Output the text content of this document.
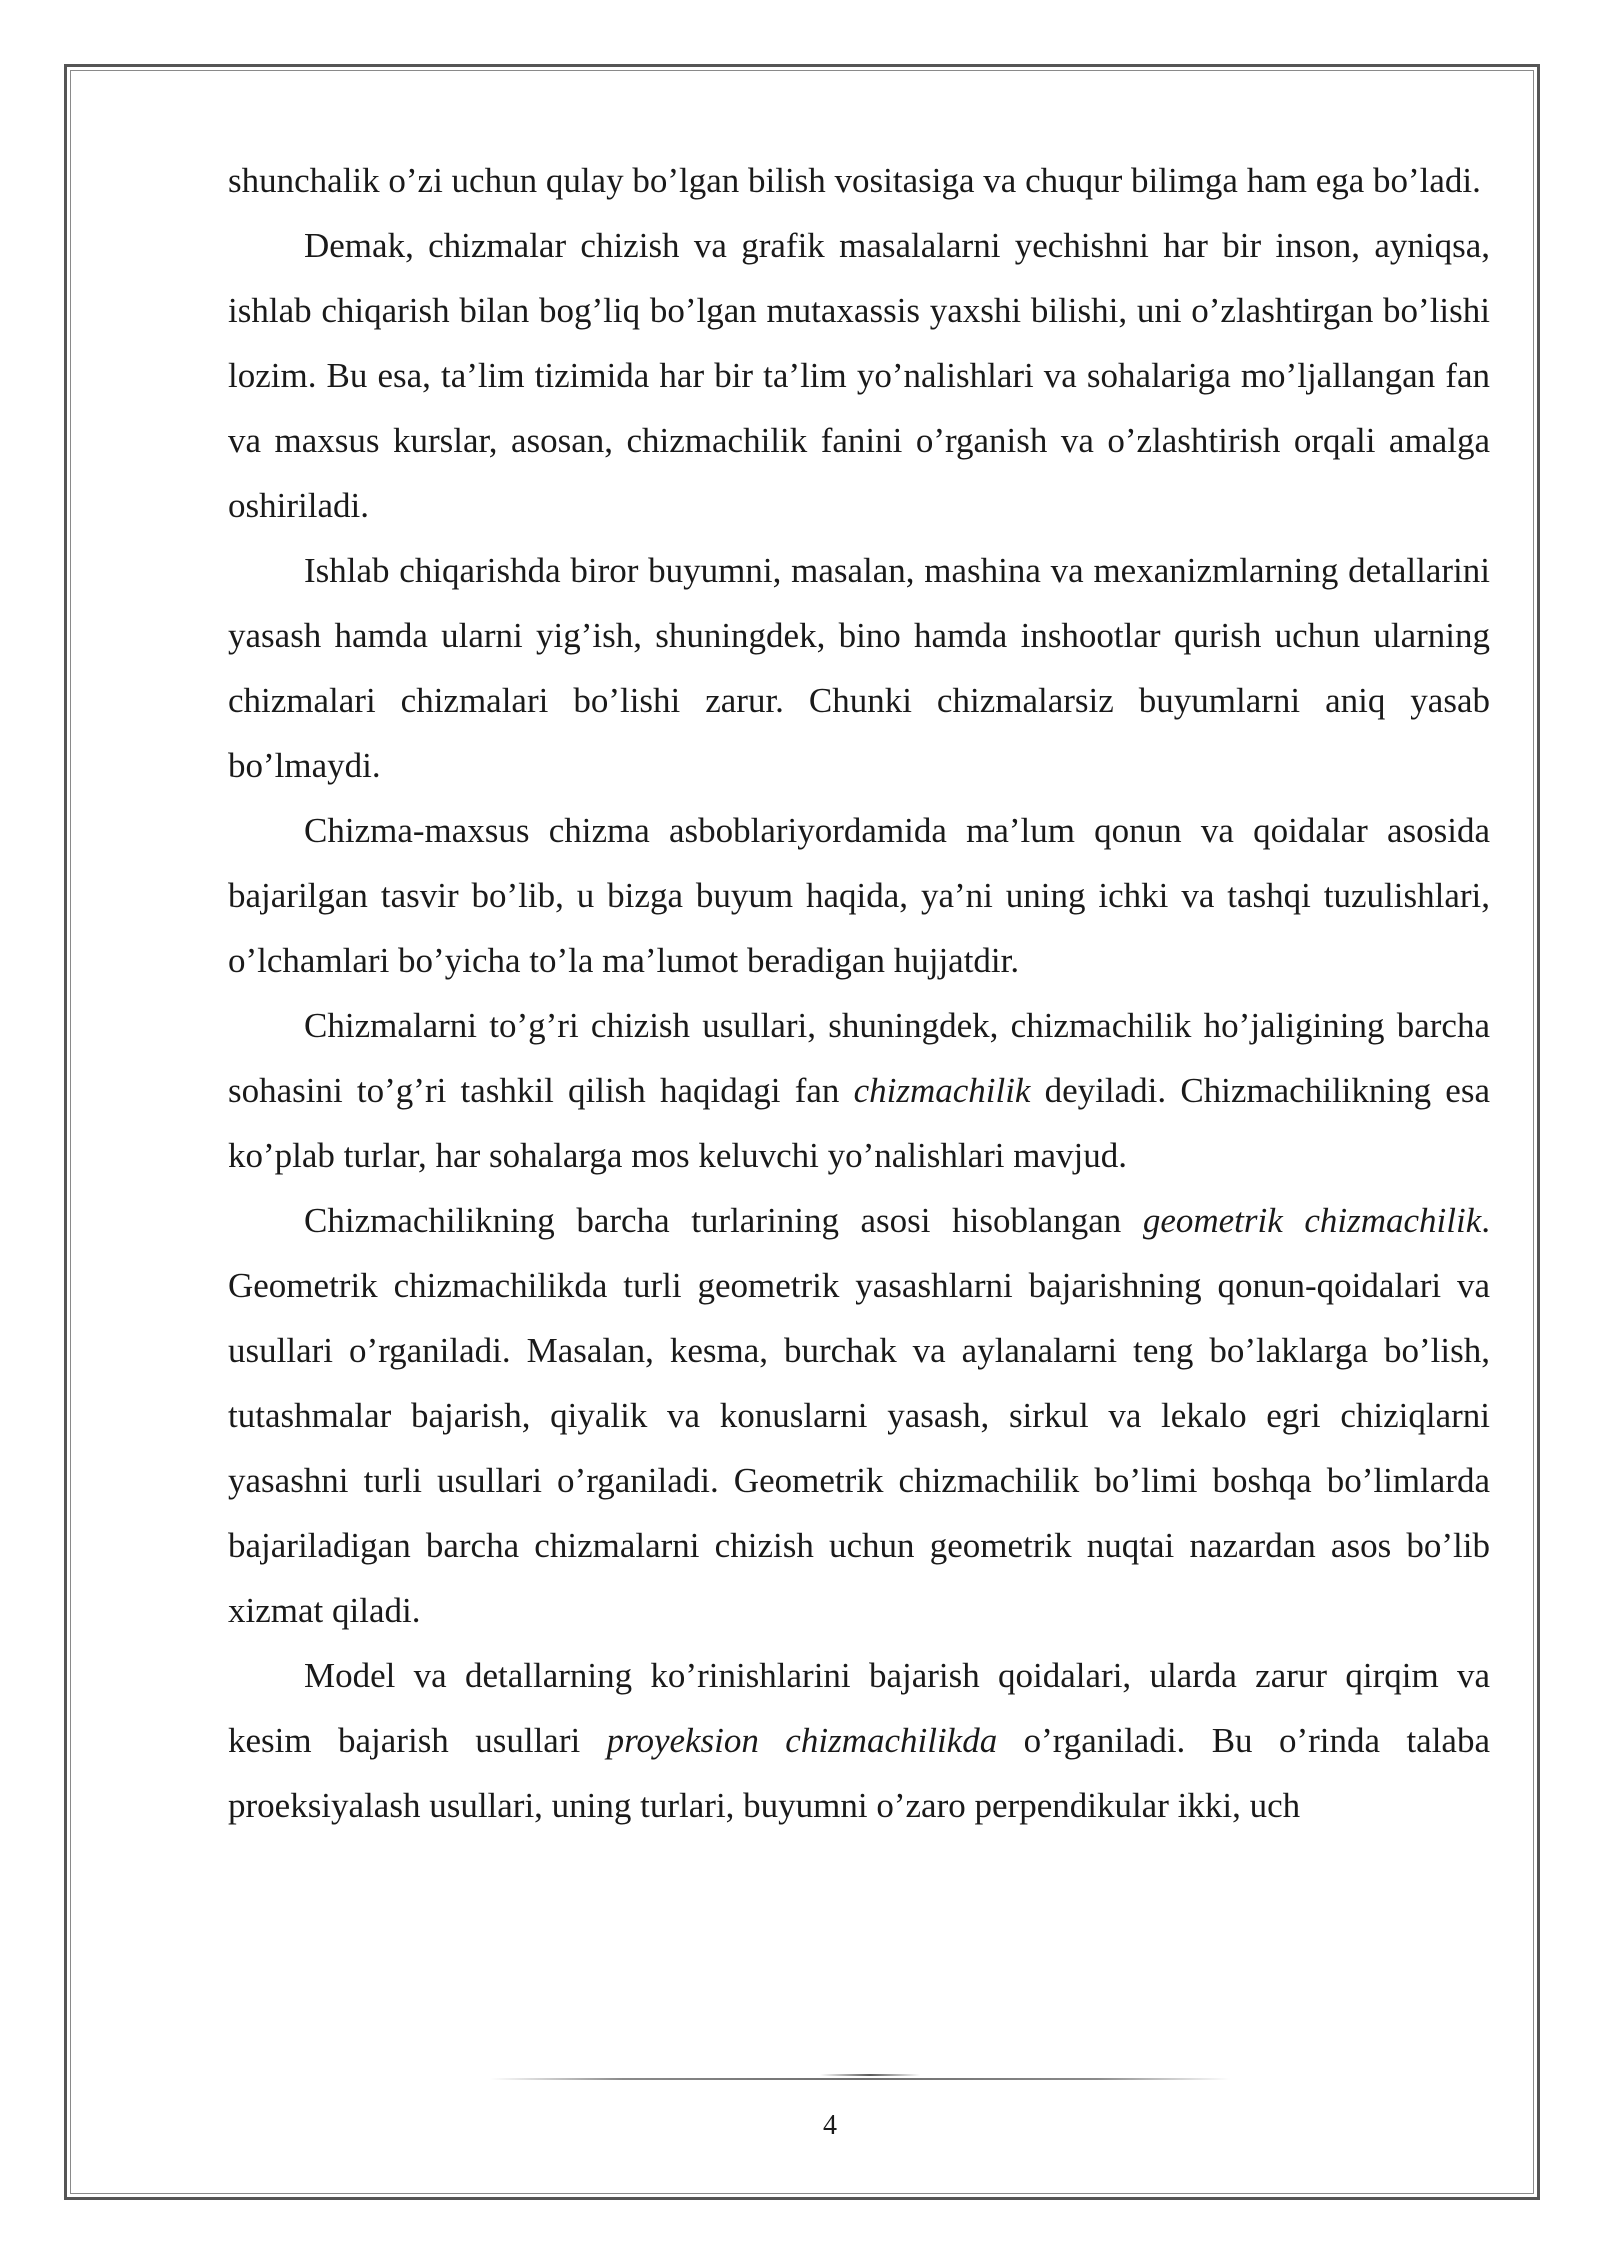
shunchalik o’zi uchun qulay bo’lgan bilish vositasiga va chuqur bilimga ham ega bo’ladi.

Demak, chizmalar chizish va grafik masalalarni yechishni har bir inson, ayniqsa, ishlab chiqarish bilan bog’liq bo’lgan mutaxassis yaxshi bilishi, uni o’zlashtirgan bo’lishi lozim. Bu esa, ta’lim tizimida har bir ta’lim yo’nalishlari va sohalariga mo’ljallangan fan va maxsus kurslar, asosan, chizmachilik fanini o’rganish va o’zlashtirish orqali amalga oshiriladi.

Ishlab chiqarishda biror buyumni, masalan, mashina va mexanizmlarning detallarini yasash hamda ularni yig’ish, shuningdek, bino hamda inshootlar qurish uchun ularning chizmalari chizmalari bo’lishi zarur. Chunki chizmalarsiz buyumlarni aniq yasab bo’lmaydi.

Chizma-maxsus chizma asboblariyordamida ma’lum qonun va qoidalar asosida bajarilgan tasvir bo’lib, u bizga buyum haqida, ya’ni uning ichki va tashqi tuzulishlari, o’lchamlari bo’yicha to’la ma’lumot beradigan hujjatdir.

Chizmalarni to’g’ri chizish usullari, shuningdek, chizmachilik ho’jaligining barcha sohasini to’g’ri tashkil qilish haqidagi fan chizmachilik deyiladi. Chizmachilikning esa ko’plab turlar, har sohalarga mos keluvchi yo’nalishlari mavjud.

Chizmachilikning barcha turlarining asosi hisoblangan geometrik chizmachilik. Geometrik chizmachilikda turli geometrik yasashlarni bajarishning qonun-qoidalari va usullari o’rganiladi. Masalan, kesma, burchak va aylanalarni teng bo’laklarga bo’lish, tutashmalar bajarish, qiyalik va konuslarni yasash, sirkul va lekalo egri chiziqlarni yasashni turli usullari o’rganiladi. Geometrik chizmachilik bo’limi boshqa bo’limlarda bajariladigan barcha chizmalarni chizish uchun geometrik nuqtai nazardan asos bo’lib xizmat qiladi.

Model va detallarning ko’rinishlarini bajarish qoidalari, ularda zarur qirqim va kesim bajarish usullari proyeksion chizmachilikda o’rganiladi. Bu o’rinda talaba proeksiyalash usullari, uning turlari, buyumni o’zaro perpendikular ikki, uch

4
